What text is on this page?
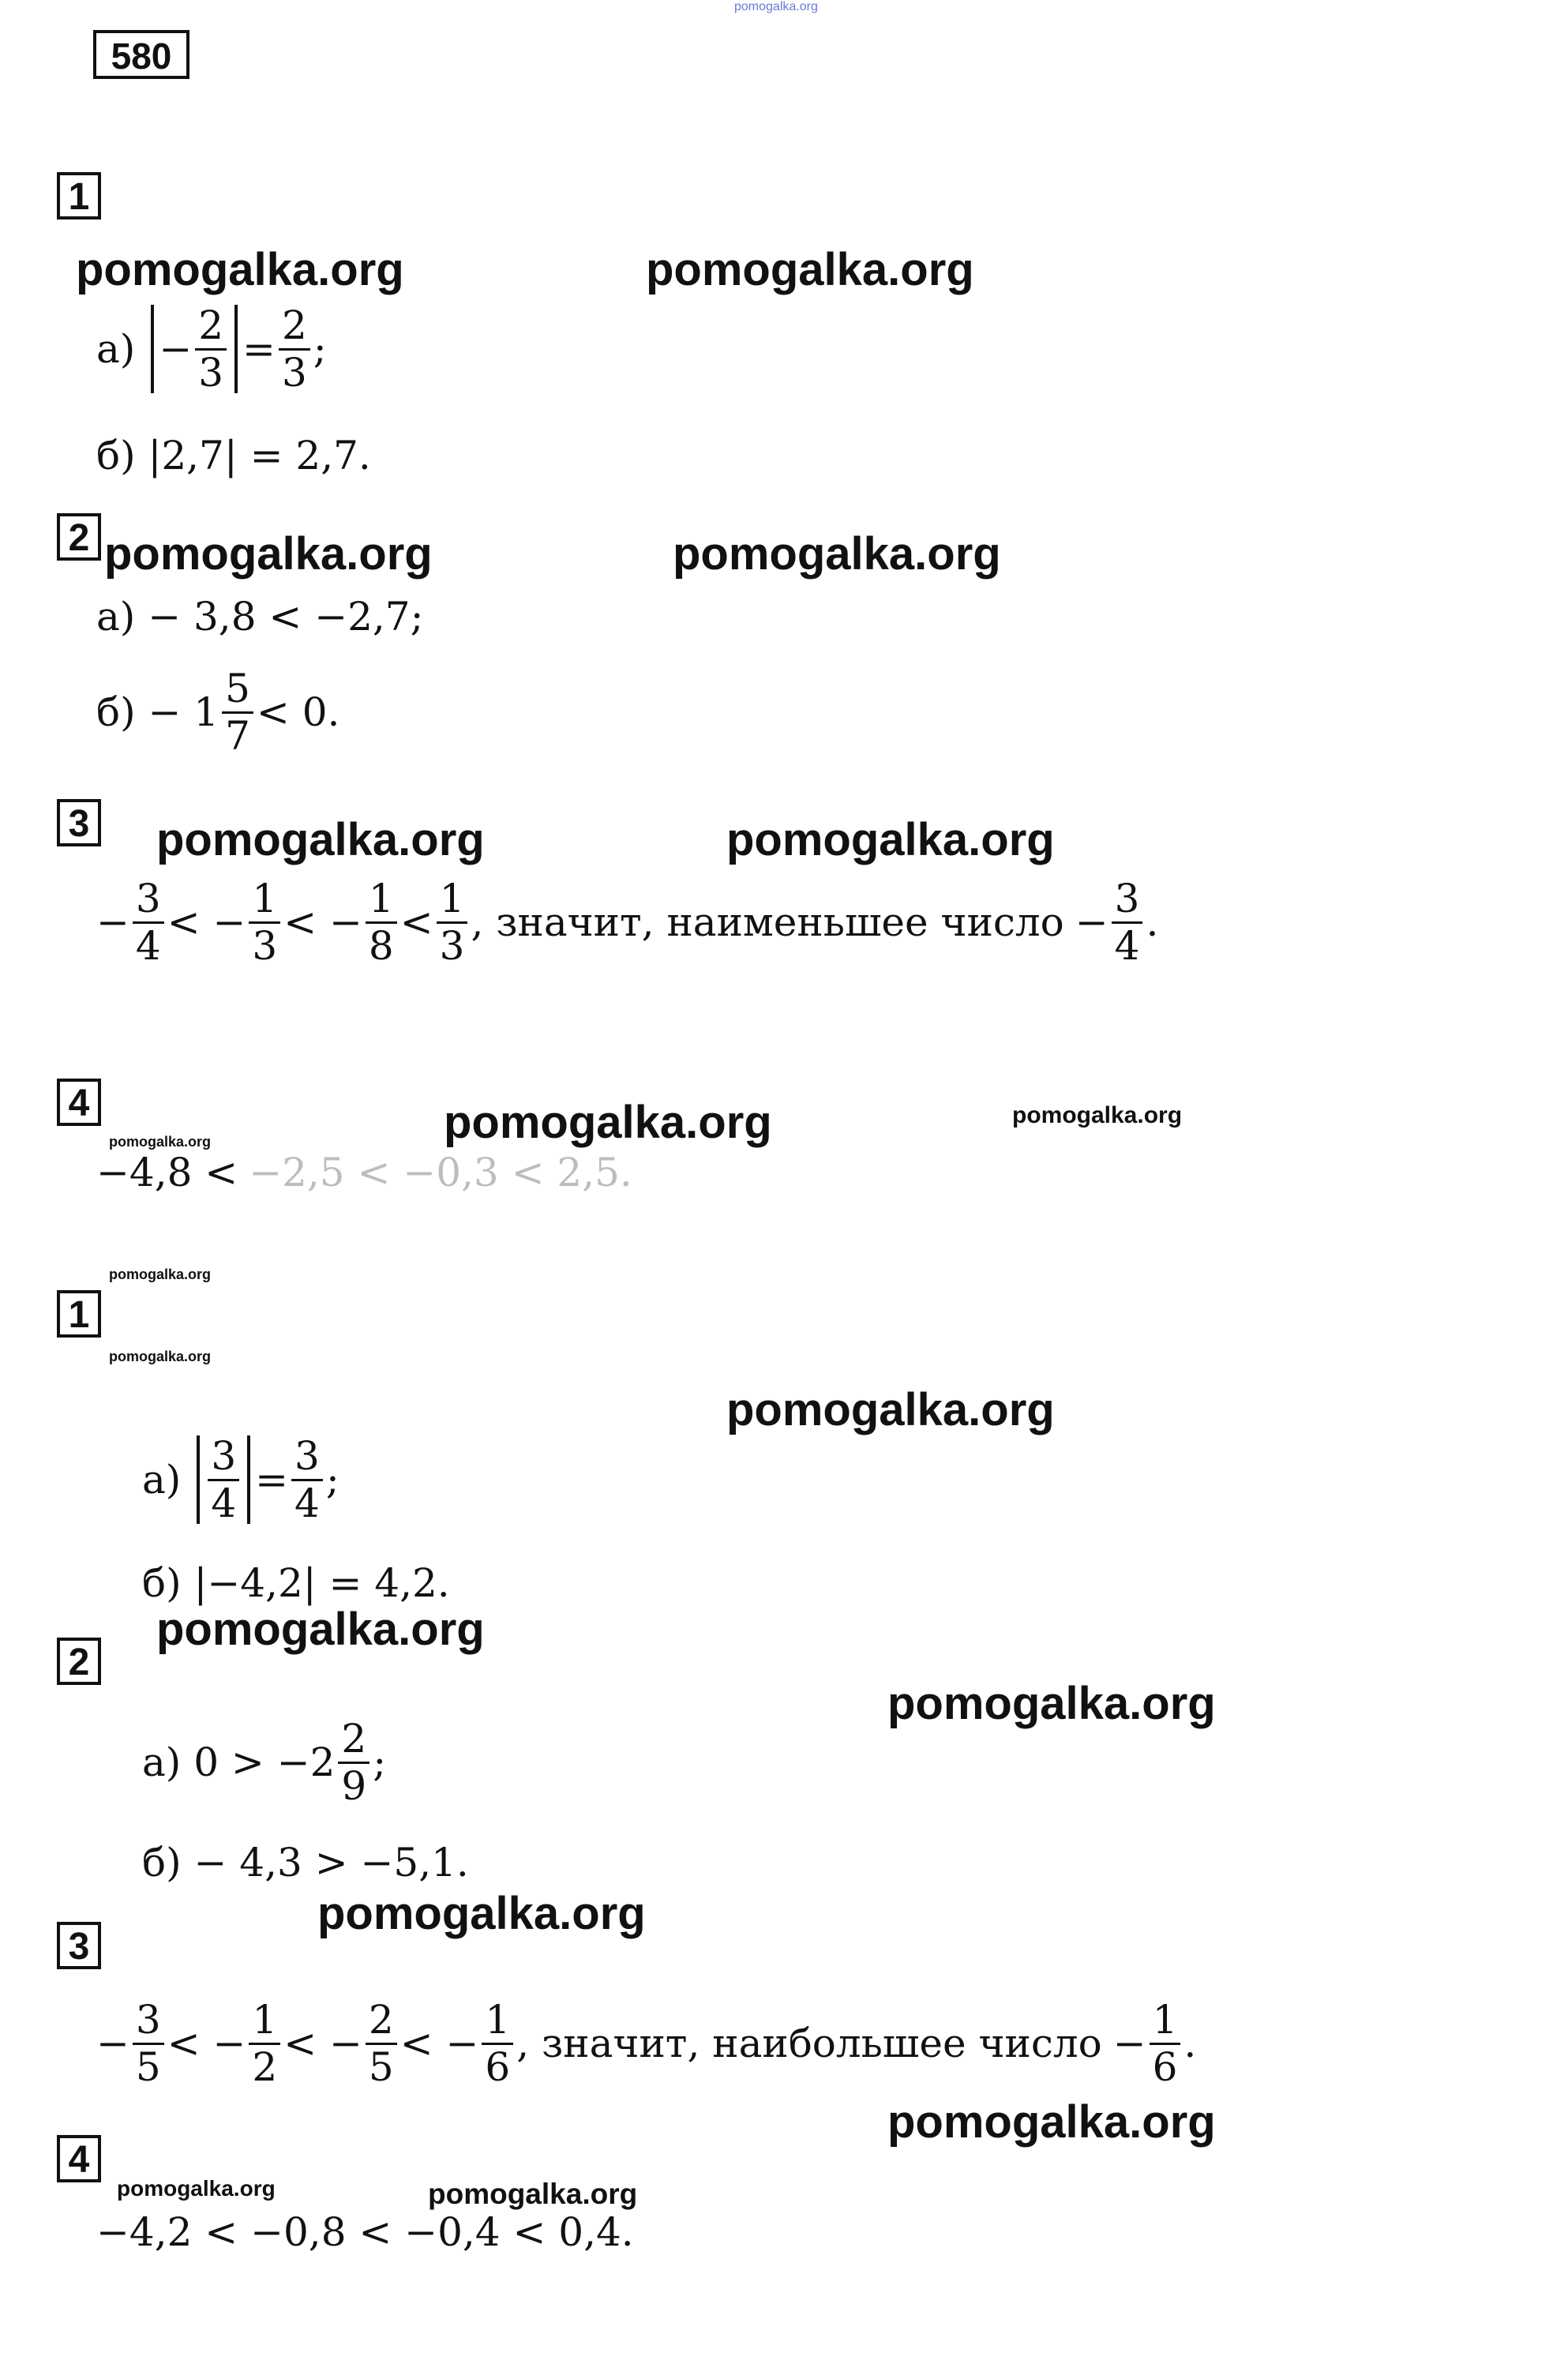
pomogalka.org
580
1
pomogalka.org	pomogalka.org
$а) - \frac{2}{3} = \frac{2}{3}$ ;
б) |2,7| = 2,7.
2 pomogalka.org	pomogalka.org
а) − 3,8 < −2,7;
$б) - 1 \frac{5}{7} < 0$.
3 pomogalka.org	pomogalka.org
− $\frac{3}{4}$ < − $\frac{1}{3}$ < − $\frac{1}{8} < \frac{1}{3}$ , значит, наименьшее число − $\frac{3}{4}$ .
4	pomogalka.org	pomogalka.org
pomogalka.org
−4,8 < −2,5 < −0,3 < 2,5.
pomogalka.org
1
pomogalka.org
pomogalka.org
$а) \frac{3}{4} = \frac{3}{4}$ ;
б) |−4,2| = 4,2.
pomogalka.org
2
pomogalka.org
а) $0 > -2 \frac{2}{9}$ ;
б) − 4,3 > −5,1.
pomogalka.org
3
− $\frac{3}{5}$ < − $\frac{1}{2}$ < − $\frac{2}{5}$ < − $\frac{1}{6}$ , значит, наибольшее число − $\frac{1}{6}$ .
pomogalka.org
4
pomogalka.org	pomogalka.org
−4,2 < −0,8 < −0,4 < 0,4.
